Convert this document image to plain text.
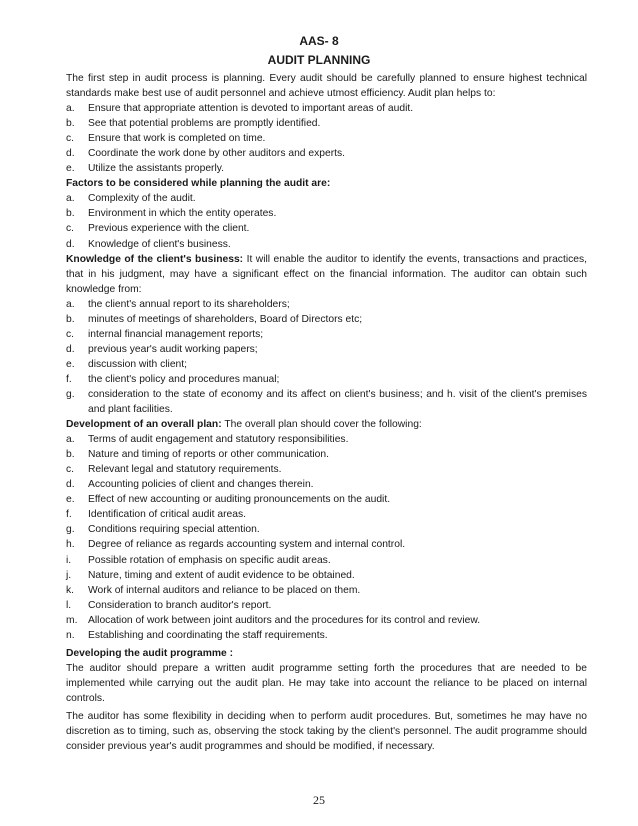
AAS- 8
AUDIT PLANNING

The first step in audit process is planning. Every audit should be carefully planned to ensure highest technical standards make best use of audit personnel and achieve utmost efficiency. Audit plan helps to:

a.	Ensure that appropriate attention is devoted to important areas of audit.
b.	See that potential problems are promptly identified.
c.	Ensure that work is completed on time.
d.	Coordinate the work done by other auditors and experts.
e.	Utilize the assistants properly.
Factors to be considered while planning the audit are:
a.	Complexity of the audit.
b.	Environment in which the entity operates.
c.	Previous experience with the client.
d.	Knowledge of client's business.

Knowledge of the client's business: It will enable the auditor to identify the events, transactions and practices, that in his judgment, may have a significant effect on the financial information. The auditor can obtain such knowledge from:

a.	the client's annual report to its shareholders;
b.	minutes of meetings of shareholders, Board of Directors etc;
c.	internal financial management reports;
d.	previous year's audit working papers;
e.	discussion with client;
f.	the client's policy and procedures manual;
g.	consideration to the state of economy and its affect on client's business; and h. visit of the client's premises and plant facilities.

Development of an overall plan: The overall plan should cover the following:

a.	Terms of audit engagement and statutory responsibilities.
b.	Nature and timing of reports or other communication.
c.	Relevant legal and statutory requirements.
d.	Accounting policies of client and changes therein.
e.	Effect of new accounting or auditing pronouncements on the audit.
f.	Identification of critical audit areas.
g.	Conditions requiring special attention.
h.	Degree of reliance as regards accounting system and internal control.
i.	Possible rotation of emphasis on specific audit areas.
j.	Nature, timing and extent of audit evidence to be obtained.
k.	Work of internal auditors and reliance to be placed on them.
l.	Consideration to branch auditor's report.
m.	Allocation of work between joint auditors and the procedures for its control and review.
n.	Establishing and coordinating the staff requirements.
Developing the audit programme :

The auditor should prepare a written audit programme setting forth the procedures that are needed to be implemented while carrying out the audit plan. He may take into account the reliance to be placed on internal controls.

The auditor has some flexibility in deciding when to perform audit procedures. But, sometimes he may have no discretion as to timing, such as, observing the stock taking by the client's personnel. The audit programme should consider previous year's audit programmes and should be modified, if necessary.

25
